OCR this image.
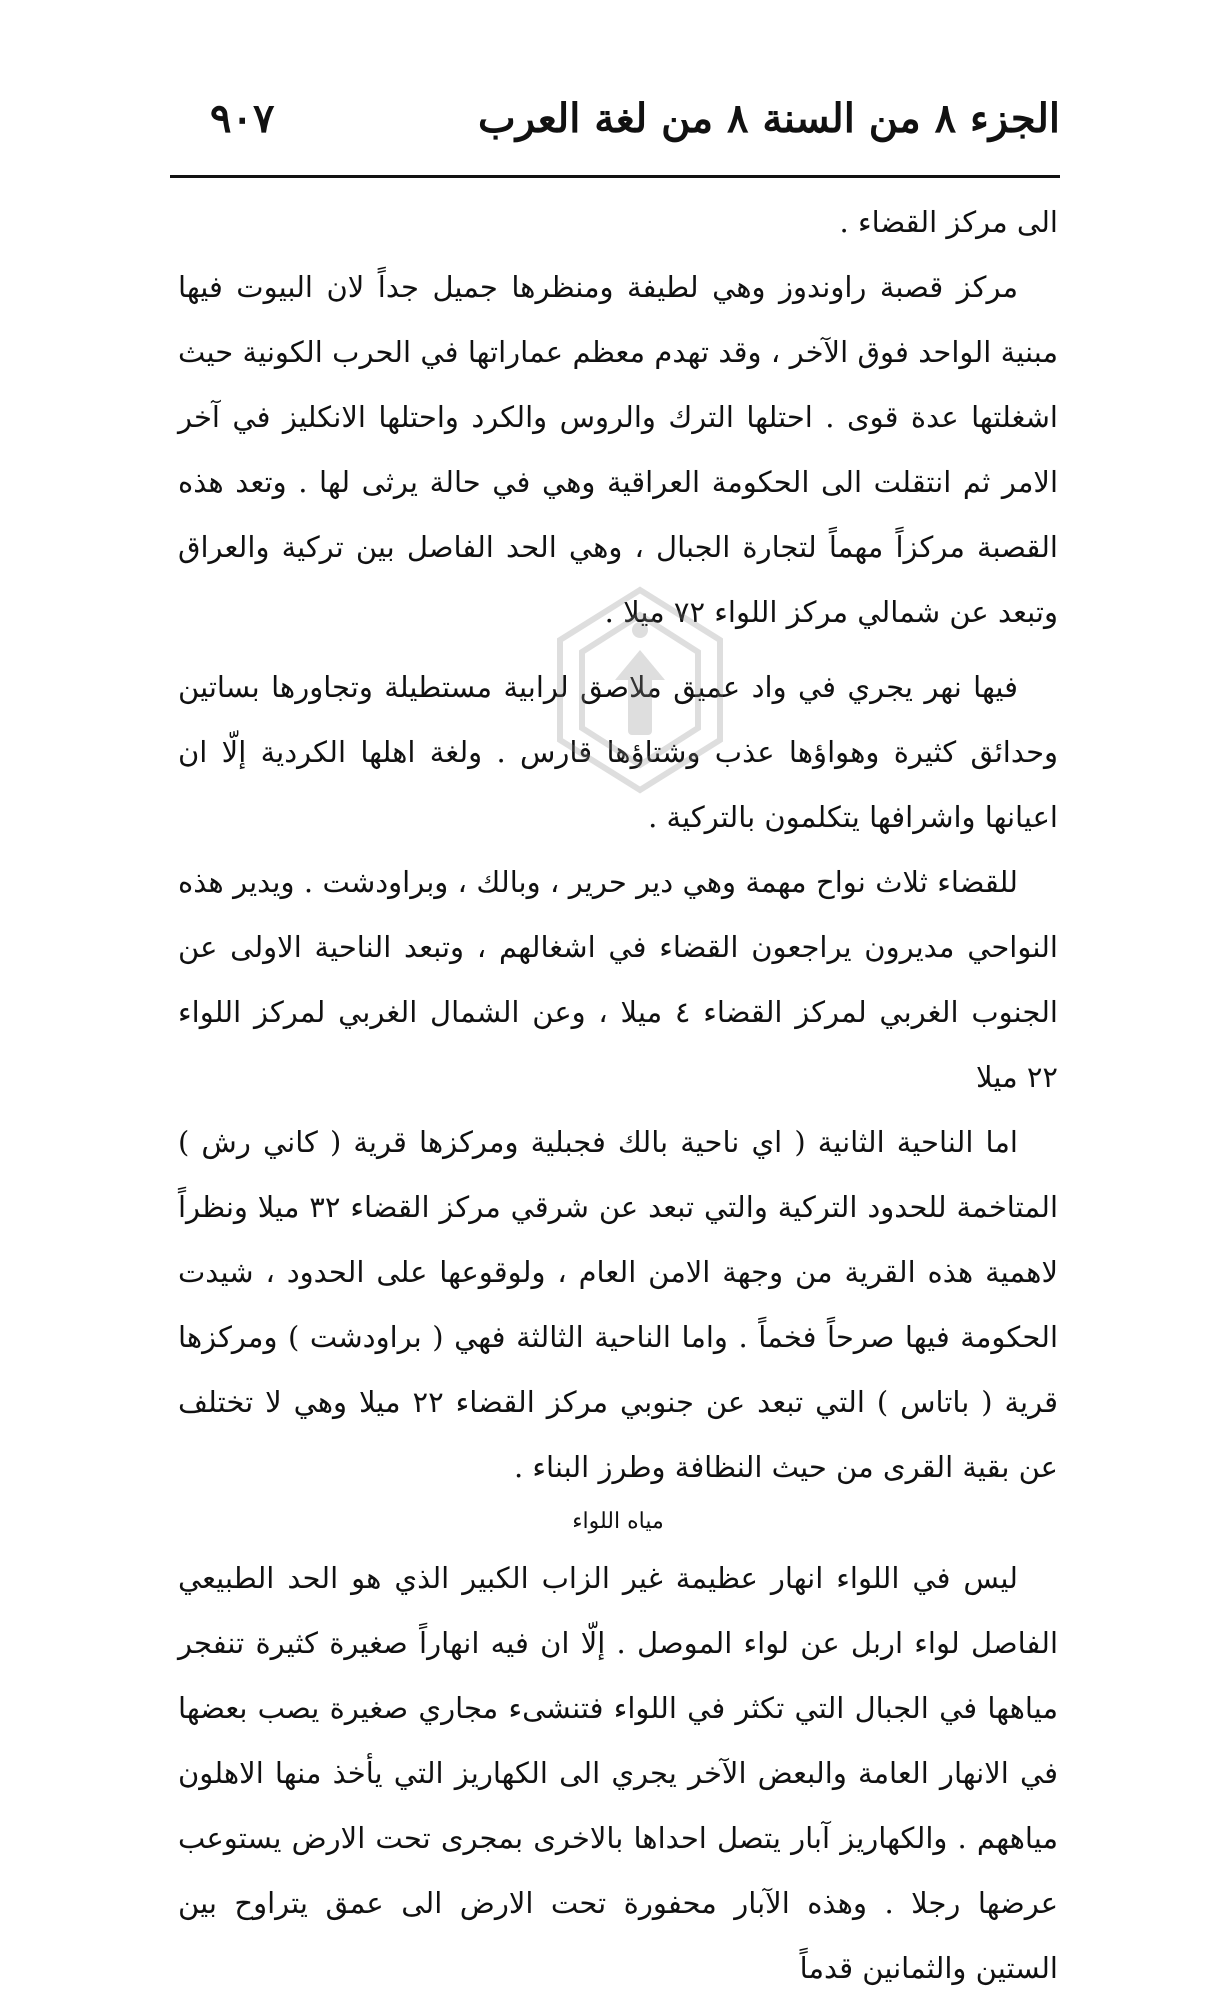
الجزء ٨ من السنة ٨ من لغة العرب
٩٠٧

الى مركز القضاء .

مركز قصبة راوندوز وهي لطيفة ومنظرها جميل جداً لان البيوت فيها مبنية الواحد فوق الآخر ، وقد تهدم معظم عماراتها في الحرب الكونية حيث اشغلتها عدة قوى . احتلها الترك والروس والكرد واحتلها الانكليز في آخر الامر ثم انتقلت الى الحكومة العراقية وهي في حالة يرثى لها . وتعد هذه القصبة مركزاً مهماً لتجارة الجبال ، وهي الحد الفاصل بين تركية والعراق وتبعد عن شمالي مركز اللواء ٧٢ ميلا .

فيها نهر يجري في واد عميق ملاصق لرابية مستطيلة وتجاورها بساتين وحدائق كثيرة وهواؤها عذب وشتاؤها قارس . ولغة اهلها الكردية إلّا ان اعيانها واشرافها يتكلمون بالتركية .

للقضاء ثلاث نواح مهمة وهي دير حرير ، وبالك ، وبراودشت . ويدير هذه النواحي مديرون يراجعون القضاء في اشغالهم ، وتبعد الناحية الاولى عن الجنوب الغربي لمركز القضاء ٤ ميلا ، وعن الشمال الغربي لمركز اللواء ٢٢ ميلا

اما الناحية الثانية ( اي ناحية بالك فجبلية ومركزها قرية ( كاني رش ) المتاخمة للحدود التركية والتي تبعد عن شرقي مركز القضاء ٣٢ ميلا ونظراً لاهمية هذه القرية من وجهة الامن العام ، ولوقوعها على الحدود ، شيدت الحكومة فيها صرحاً فخماً . واما الناحية الثالثة فهي ( براودشت ) ومركزها قرية ( باتاس ) التي تبعد عن جنوبي مركز القضاء ٢٢ ميلا وهي لا تختلف عن بقية القرى من حيث النظافة وطرز البناء .

مياه اللواء

ليس في اللواء انهار عظيمة غير الزاب الكبير الذي هو الحد الطبيعي الفاصل لواء اربل عن لواء الموصل . إلّا ان فيه انهاراً صغيرة كثيرة تنفجر مياهها في الجبال التي تكثر في اللواء فتنشىء مجاري صغيرة يصب بعضها في الانهار العامة والبعض الآخر يجري الى الكهاريز التي يأخذ منها الاهلون مياههم . والكهاريز آبار يتصل احداها بالاخرى بمجرى تحت الارض يستوعب عرضها رجلا . وهذه الآبار محفورة تحت الارض الى عمق يتراوح بين الستين والثمانين قدماً
